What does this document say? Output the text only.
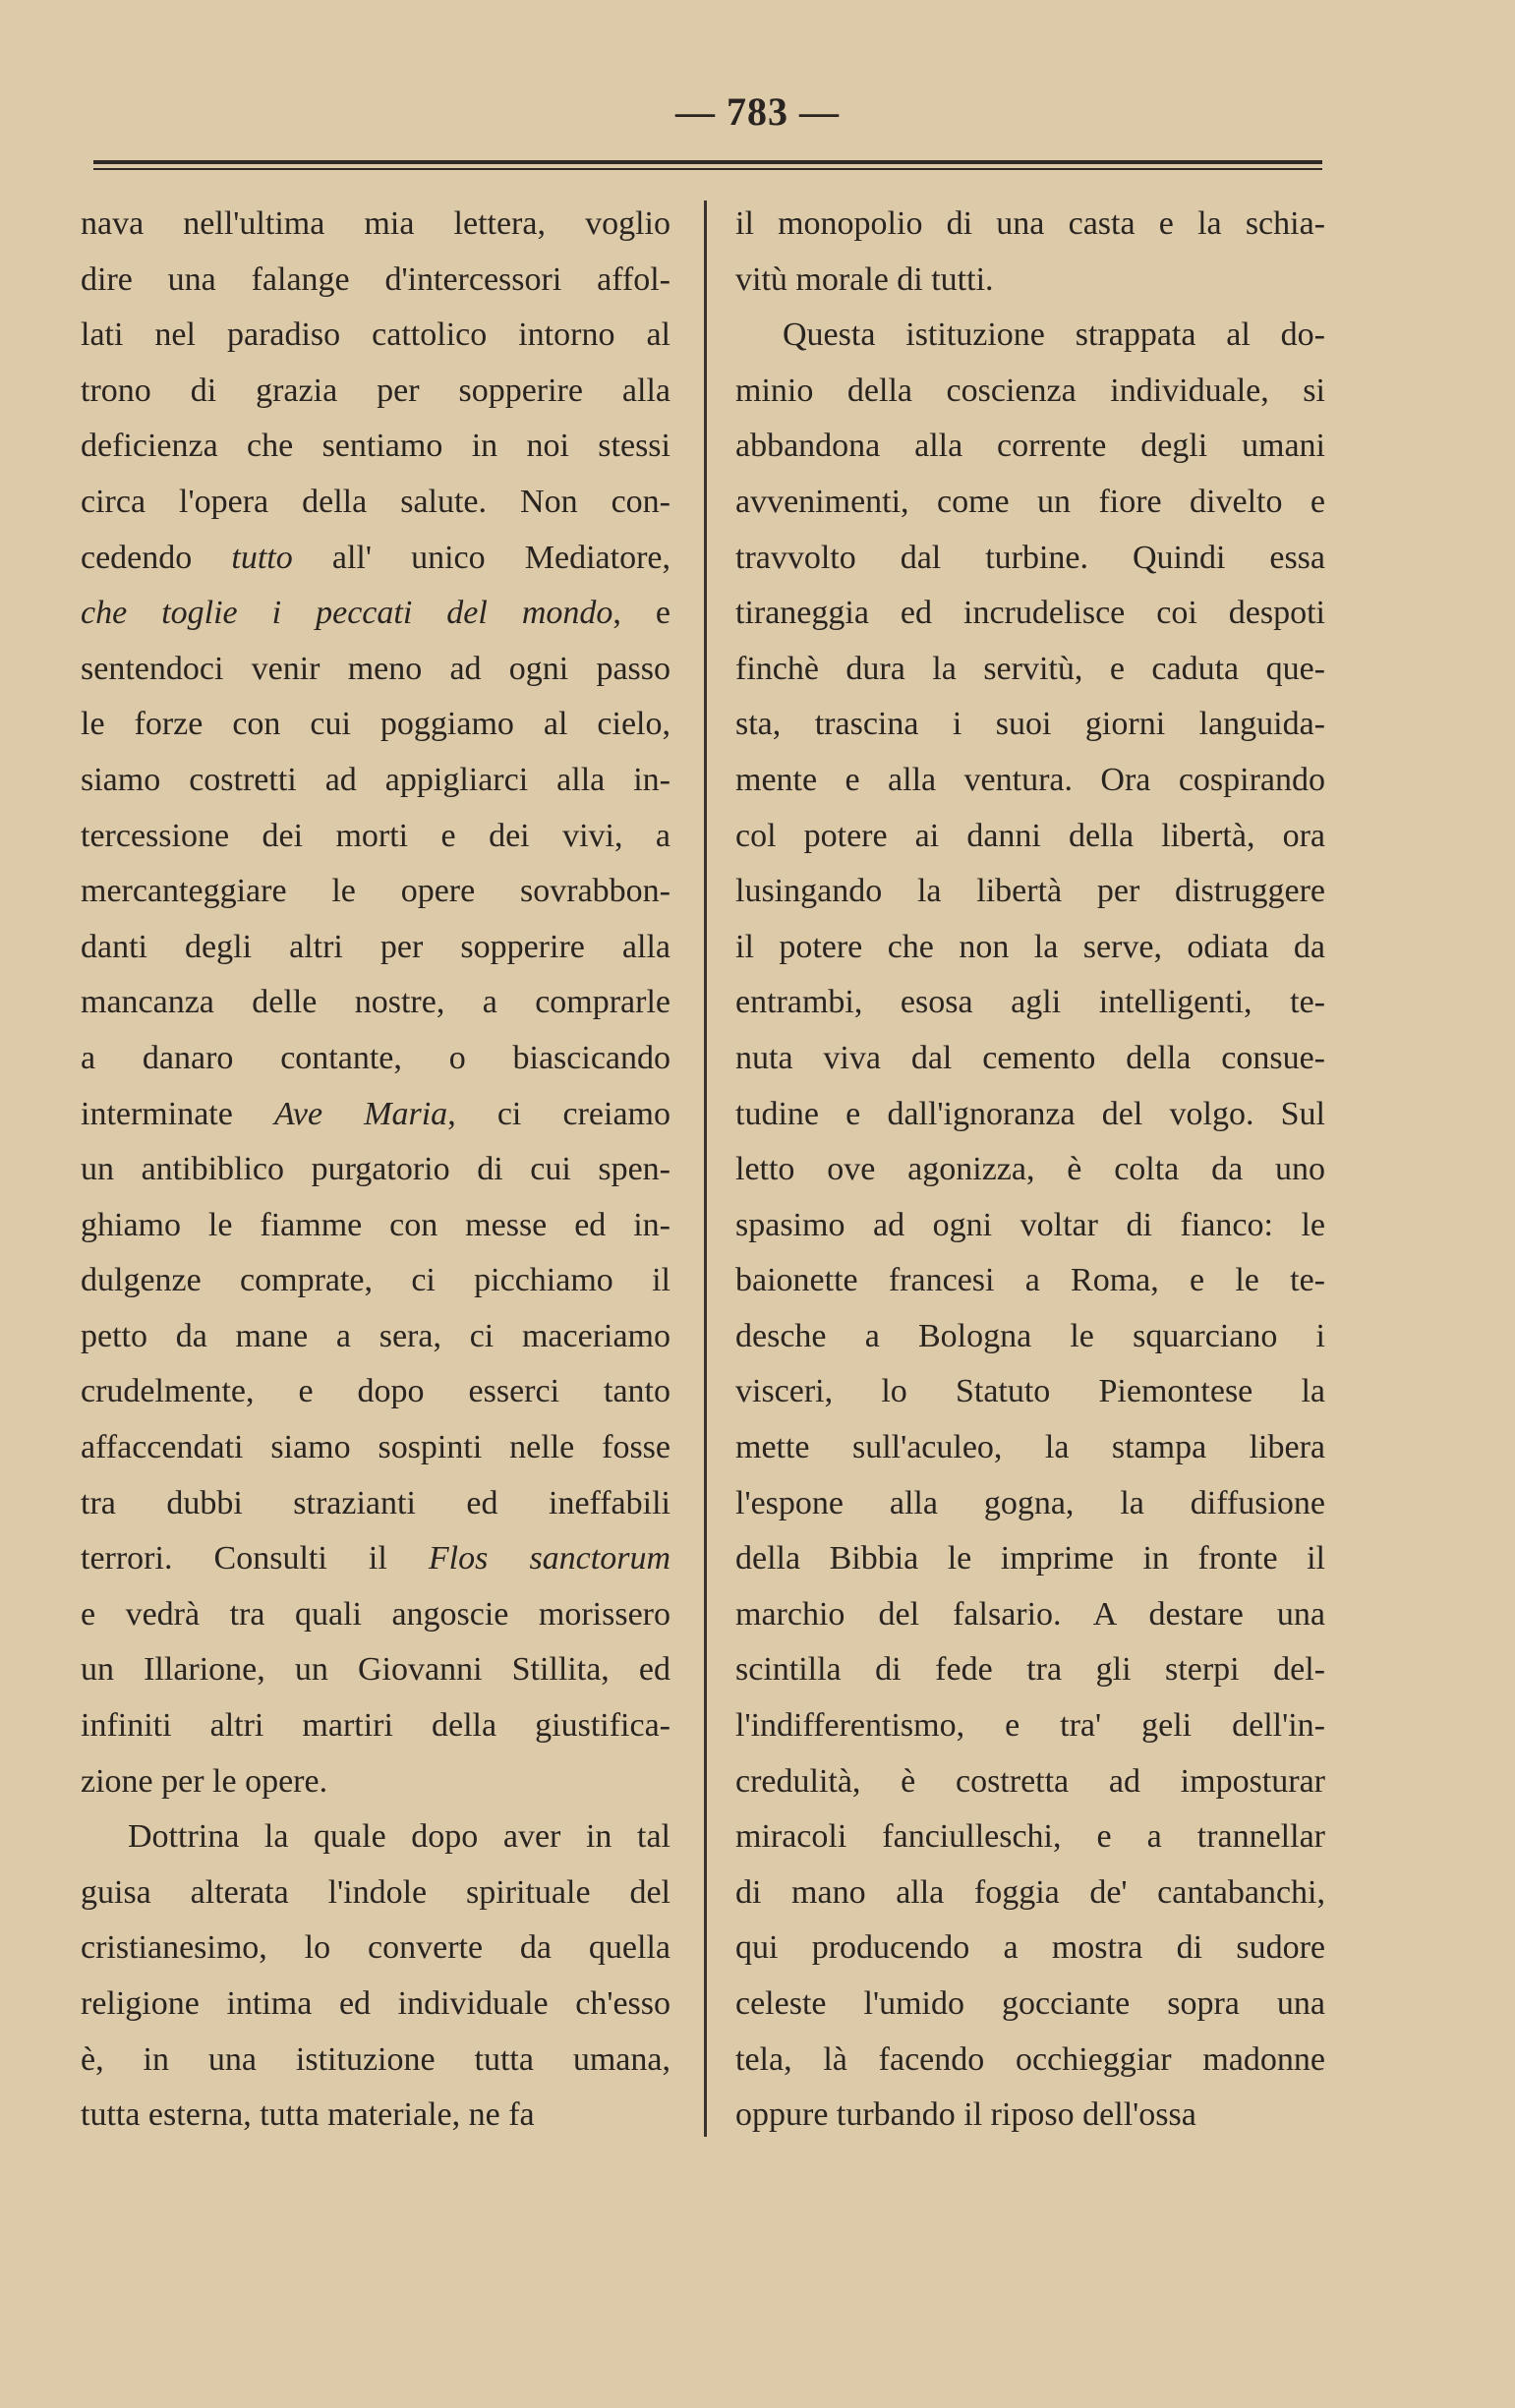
— 783 —
nava nell'ultima mia lettera, voglio
dire una falange d'intercessori affol-
lati nel paradiso cattolico intorno al
trono di grazia per sopperire alla
deficienza che sentiamo in noi stessi
circa l'opera della salute. Non con-
cedendo tutto all' unico Mediatore,
che toglie i peccati del mondo, e
sentendoci venir meno ad ogni passo
le forze con cui poggiamo al cielo,
siamo costretti ad appigliarci alla in-
tercessione dei morti e dei vivi, a
mercanteggiare le opere sovrabbon-
danti degli altri per sopperire alla
mancanza delle nostre, a comprarle
a danaro contante, o biascicando
interminate Ave Maria, ci creiamo
un antibiblico purgatorio di cui spen-
ghiamo le fiamme con messe ed in-
dulgenze comprate, ci picchiamo il
petto da mane a sera, ci maceriamo
crudelmente, e dopo esserci tanto
affaccendati siamo sospinti nelle fosse
tra dubbi strazianti ed ineffabili
terrori. Consulti il Flos sanctorum
e vedrà tra quali angoscie morissero
un Illarione, un Giovanni Stillita, ed
infiniti altri martiri della giustifica-
zione per le opere.
Dottrina la quale dopo aver in tal
guisa alterata l'indole spirituale del
cristianesimo, lo converte da quella
religione intima ed individuale ch'esso
è, in una istituzione tutta umana,
tutta esterna, tutta materiale, ne fa
il monopolio di una casta e la schia-
vitù morale di tutti.
Questa istituzione strappata al do-
minio della coscienza individuale, si
abbandona alla corrente degli umani
avvenimenti, come un fiore divelto e
travvolto dal turbine. Quindi essa
tiraneggia ed incrudelisce coi despoti
finchè dura la servitù, e caduta que-
sta, trascina i suoi giorni languida-
mente e alla ventura. Ora cospirando
col potere ai danni della libertà, ora
lusingando la libertà per distruggere
il potere che non la serve, odiata da
entrambi, esosa agli intelligenti, te-
nuta viva dal cemento della consue-
tudine e dall'ignoranza del volgo. Sul
letto ove agonizza, è colta da uno
spasimo ad ogni voltar di fianco: le
baionette francesi a Roma, e le te-
desche a Bologna le squarciano i
visceri, lo Statuto Piemontese la
mette sull'aculeo, la stampa libera
l'espone alla gogna, la diffusione
della Bibbia le imprime in fronte il
marchio del falsario. A destare una
scintilla di fede tra gli sterpi del-
l'indifferentismo, e tra' geli dell'in-
credulità, è costretta ad imposturar
miracoli fanciulleschi, e a trannellar
di mano alla foggia de' cantabanchi,
qui producendo a mostra di sudore
celeste l'umido gocciante sopra una
tela, là facendo occhieggiar madonne
oppure turbando il riposo dell'ossa
